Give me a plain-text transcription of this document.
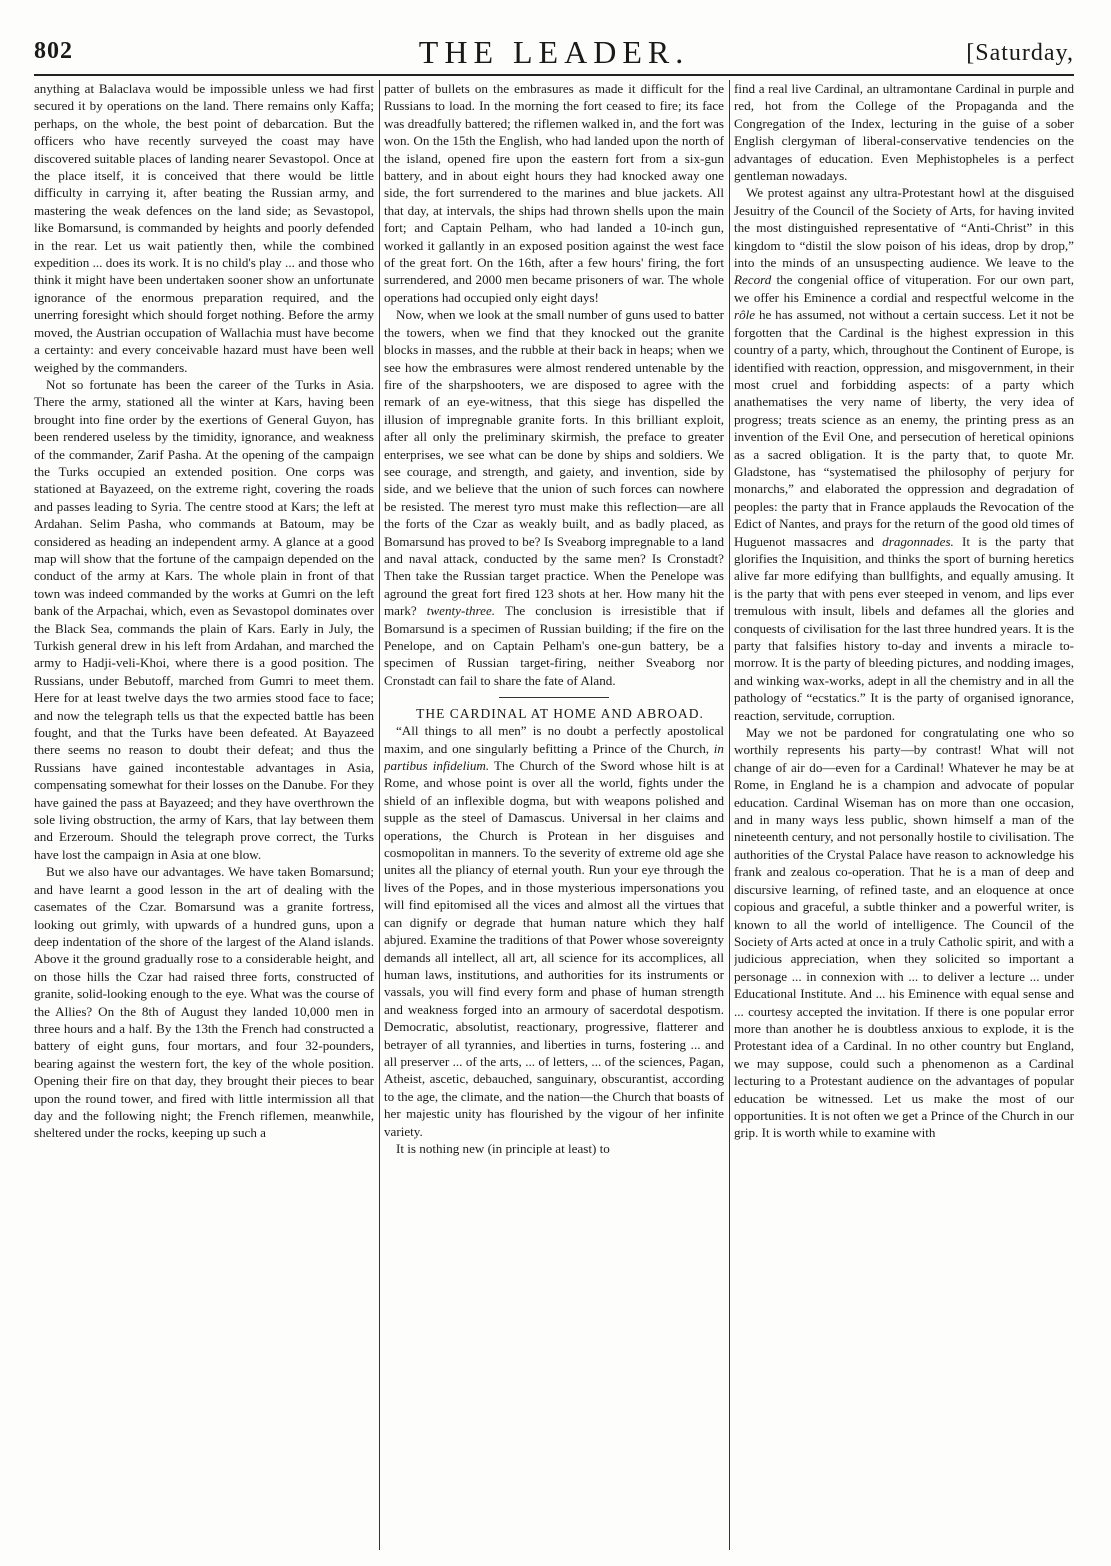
802	THE LEADER.	[Saturday,

anything at Balaclava would be impossible unless we had first secured it by operations on the land. There remains only Kaffa; perhaps, on the whole, the best point of debarcation. But the officers who have recently surveyed the coast may have discovered suitable places of landing nearer Sevastopol. Once at the place itself, it is conceived that there would be little difficulty in carrying it, after beating the Russian army, and mastering the weak defences on the land side; as Sevastopol, like Bomarsund, is commanded by heights and poorly defended in the rear. Let us wait patiently then, while the combined expedition ... does its work. It is no child's play ... and those who think it might have been undertaken sooner show an unfortunate ignorance of the enormous preparation required, and the unerring foresight which should forget nothing. Before the army moved, the Austrian occupation of Wallachia must have become a certainty: and every conceivable hazard must have been well weighed by the commanders.

Not so fortunate has been the career of the Turks in Asia. There the army, stationed all the winter at Kars, having been brought into fine order by the exertions of General Guyon, has been rendered useless by the timidity, ignorance, and weakness of the commander, Zarif Pasha. At the opening of the campaign the Turks occupied an extended position. One corps was stationed at Bayazeed, on the extreme right, covering the roads and passes leading to Syria. The centre stood at Kars; the left at Ardahan. Selim Pasha, who commands at Batoum, may be considered as heading an independent army. A glance at a good map will show that the fortune of the campaign depended on the conduct of the army at Kars. The whole plain in front of that town was indeed commanded by the works at Gumri on the left bank of the Arpachai, which, even as Sevastopol dominates over the Black Sea, commands the plain of Kars. Early in July, the Turkish general drew in his left from Ardahan, and marched the army to Hadji-veli-Khoi, where there is a good position. The Russians, under Bebutoff, marched from Gumri to meet them. Here for at least twelve days the two armies stood face to face; and now the telegraph tells us that the expected battle has been fought, and that the Turks have been defeated. At Bayazeed there seems no reason to doubt their defeat; and thus the Russians have gained incontestable advantages in Asia, compensating somewhat for their losses on the Danube. For they have gained the pass at Bayazeed; and they have overthrown the sole living obstruction, the army of Kars, that lay between them and Erzeroum. Should the telegraph prove correct, the Turks have lost the campaign in Asia at one blow.

But we also have our advantages. We have taken Bomarsund; and have learnt a good lesson in the art of dealing with the casemates of the Czar. Bomarsund was a granite fortress, looking out grimly, with upwards of a hundred guns, upon a deep indentation of the shore of the largest of the Aland islands. Above it the ground gradually rose to a considerable height, and on those hills the Czar had raised three forts, constructed of granite, solid-looking enough to the eye. What was the course of the Allies? On the 8th of August they landed 10,000 men in three hours and a half. By the 13th the French had constructed a battery of eight guns, four mortars, and four 32-pounders, bearing against the western fort, the key of the whole position. Opening their fire on that day, they brought their pieces to bear upon the round tower, and fired with little intermission all that day and the following night; the French riflemen, meanwhile, sheltered under the rocks, keeping up such a

patter of bullets on the embrasures as made it difficult for the Russians to load. In the morning the fort ceased to fire; its face was dreadfully battered; the riflemen walked in, and the fort was won. On the 15th the English, who had landed upon the north of the island, opened fire upon the eastern fort from a six-gun battery, and in about eight hours they had knocked away one side, the fort surrendered to the marines and blue jackets. All that day, at intervals, the ships had thrown shells upon the main fort; and Captain Pelham, who had landed a 10-inch gun, worked it gallantly in an exposed position against the west face of the great fort. On the 16th, after a few hours' firing, the fort surrendered, and 2000 men became prisoners of war. The whole operations had occupied only eight days!

Now, when we look at the small number of guns used to batter the towers, when we find that they knocked out the granite blocks in masses, and the rubble at their back in heaps; when we see how the embrasures were almost rendered untenable by the fire of the sharpshooters, we are disposed to agree with the remark of an eye-witness, that this siege has dispelled the illusion of impregnable granite forts. In this brilliant exploit, after all only the preliminary skirmish, the preface to greater enterprises, we see what can be done by ships and soldiers. We see courage, and strength, and gaiety, and invention, side by side, and we believe that the union of such forces can nowhere be resisted. The merest tyro must make this reflection—are all the forts of the Czar as weakly built, and as badly placed, as Bomarsund has proved to be? Is Sveaborg impregnable to a land and naval attack, conducted by the same men? Is Cronstadt? Then take the Russian target practice. When the Penelope was aground the great fort fired 123 shots at her. How many hit the mark? twenty-three. The conclusion is irresistible that if Bomarsund is a specimen of Russian building; if the fire on the Penelope, and on Captain Pelham's one-gun battery, be a specimen of Russian target-firing, neither Sveaborg nor Cronstadt can fail to share the fate of Aland.

THE CARDINAL AT HOME AND ABROAD.

“All things to all men” is no doubt a perfectly apostolical maxim, and one singularly befitting a Prince of the Church, in partibus infidelium. The Church of the Sword whose hilt is at Rome, and whose point is over all the world, fights under the shield of an inflexible dogma, but with weapons polished and supple as the steel of Damascus. Universal in her claims and operations, the Church is Protean in her disguises and cosmopolitan in manners. To the severity of extreme old age she unites all the pliancy of eternal youth. Run your eye through the lives of the Popes, and in those mysterious impersonations you will find epitomised all the vices and almost all the virtues that can dignify or degrade that human nature which they half abjured. Examine the traditions of that Power whose sovereignty demands all intellect, all art, all science for its accomplices, all human laws, institutions, and authorities for its instruments or vassals, you will find every form and phase of human strength and weakness forged into an armoury of sacerdotal despotism. Democratic, absolutist, reactionary, progressive, flatterer and betrayer of all tyrannies, and liberties in turns, fostering ... and all preserver ... of the arts, ... of letters, ... of the sciences, Pagan, Atheist, ascetic, debauched, sanguinary, obscurantist, according to the age, the climate, and the nation—the Church that boasts of her majestic unity has flourished by the vigour of her infinite variety.

It is nothing new (in principle at least) to

find a real live Cardinal, an ultramontane Cardinal in purple and red, hot from the College of the Propaganda and the Congregation of the Index, lecturing in the guise of a sober English clergyman of liberal-conservative tendencies on the advantages of education. Even Mephistopheles is a perfect gentleman nowadays.

We protest against any ultra-Protestant howl at the disguised Jesuitry of the Council of the Society of Arts, for having invited the most distinguished representative of “Anti-Christ” in this kingdom to “distil the slow poison of his ideas, drop by drop,” into the minds of an unsuspecting audience. We leave to the Record the congenial office of vituperation. For our own part, we offer his Eminence a cordial and respectful welcome in the rôle he has assumed, not without a certain success. Let it not be forgotten that the Cardinal is the highest expression in this country of a party, which, throughout the Continent of Europe, is identified with reaction, oppression, and misgovernment, in their most cruel and forbidding aspects: of a party which anathematises the very name of liberty, the very idea of progress; treats science as an enemy, the printing press as an invention of the Evil One, and persecution of heretical opinions as a sacred obligation. It is the party that, to quote Mr. Gladstone, has “systematised the philosophy of perjury for monarchs,” and elaborated the oppression and degradation of peoples: the party that in France applauds the Revocation of the Edict of Nantes, and prays for the return of the good old times of Huguenot massacres and dragonnades. It is the party that glorifies the Inquisition, and thinks the sport of burning heretics alive far more edifying than bullfights, and equally amusing. It is the party that with pens ever steeped in venom, and lips ever tremulous with insult, libels and defames all the glories and conquests of civilisation for the last three hundred years. It is the party that falsifies history to-day and invents a miracle to-morrow. It is the party of bleeding pictures, and nodding images, and winking wax-works, adept in all the chemistry and in all the pathology of “ecstatics.” It is the party of organised ignorance, reaction, servitude, corruption.

May we not be pardoned for congratulating one who so worthily represents his party—by contrast! What will not change of air do—even for a Cardinal! Whatever he may be at Rome, in England he is a champion and advocate of popular education. Cardinal Wiseman has on more than one occasion, and in many ways less public, shown himself a man of the nineteenth century, and not personally hostile to civilisation. The authorities of the Crystal Palace have reason to acknowledge his frank and zealous co-operation. That he is a man of deep and discursive learning, of refined taste, and an eloquence at once copious and graceful, a subtle thinker and a powerful writer, is known to all the world of intelligence. The Council of the Society of Arts acted at once in a truly Catholic spirit, and with a judicious appreciation, when they solicited so important a personage ... in connexion with ... to deliver a lecture ... under Educational Institute. And ... his Eminence with equal sense and ... courtesy accepted the invitation. If there is one popular error more than another he is doubtless anxious to explode, it is the Protestant idea of a Cardinal. In no other country but England, we may suppose, could such a phenomenon as a Cardinal lecturing to a Protestant audience on the advantages of popular education be witnessed. Let us make the most of our opportunities. It is not often we get a Prince of the Church in our grip. It is worth while to examine with
